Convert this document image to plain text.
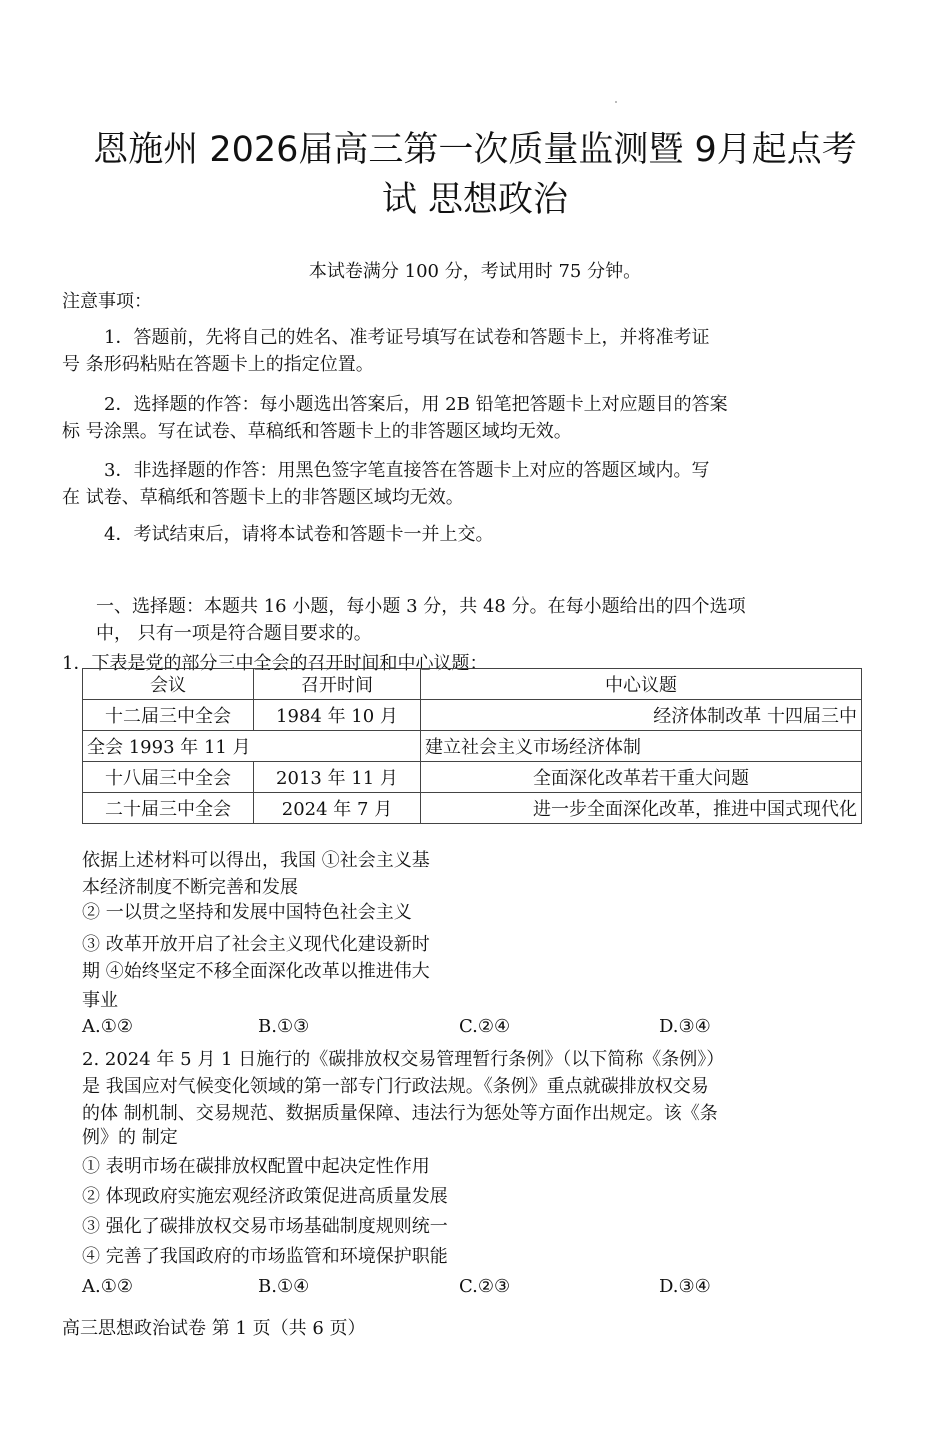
恩施州 2026届高三第一次质量监测暨 9月起点考
试 思想政治
本试卷满分 100 分，考试用时 75 分钟。
注意事项：
1．答题前，先将自己的姓名、准考证号填写在试卷和答题卡上，并将准考证
号 条形码粘贴在答题卡上的指定位置。
2．选择题的作答：每小题选出答案后，用 2B 铅笔把答题卡上对应题目的答案
标 号涂黑。写在试卷、草稿纸和答题卡上的非答题区域均无效。
3．非选择题的作答：用黑色签字笔直接答在答题卡上对应的答题区域内。写
在 试卷、草稿纸和答题卡上的非答题区域均无效。
4．考试结束后，请将本试卷和答题卡一并上交。
一、选择题：本题共 16 小题，每小题 3 分，共 48 分。在每小题给出的四个选项
中， 只有一项是符合题目要求的。
1．下表是党的部分三中全会的召开时间和中心议题：
会议	召开时间	中心议题
十二届三中全会	1984 年 10 月	经济体制改革 十四届三中
全会 1993 年 11 月		建立社会主义市场经济体制
十八届三中全会	2013 年 11 月	全面深化改革若干重大问题
二十届三中全会	2024 年 7 月	进一步全面深化改革，推进中国式现代化
依据上述材料可以得出，我国 ①社会主义基
本经济制度不断完善和发展
② 一以贯之坚持和发展中国特色社会主义
③ 改革开放开启了社会主义现代化建设新时
期 ④始终坚定不移全面深化改革以推进伟大
事业
A.①②	B.①③	C.②④	D.③④
2. 2024 年 5 月 1 日施行的《碳排放权交易管理暂行条例》（以下简称《条例》）
是 我国应对气候变化领域的第一部专门行政法规。《条例》重点就碳排放权交易
的体 制机制、交易规范、数据质量保障、违法行为惩处等方面作出规定。该《条
例》的 制定
① 表明市场在碳排放权配置中起决定性作用
② 体现政府实施宏观经济政策促进高质量发展
③ 强化了碳排放权交易市场基础制度规则统一
④ 完善了我国政府的市场监管和环境保护职能
A.①②	B.①④	C.②③	D.③④
高三思想政治试卷 第 1 页（共 6 页）
